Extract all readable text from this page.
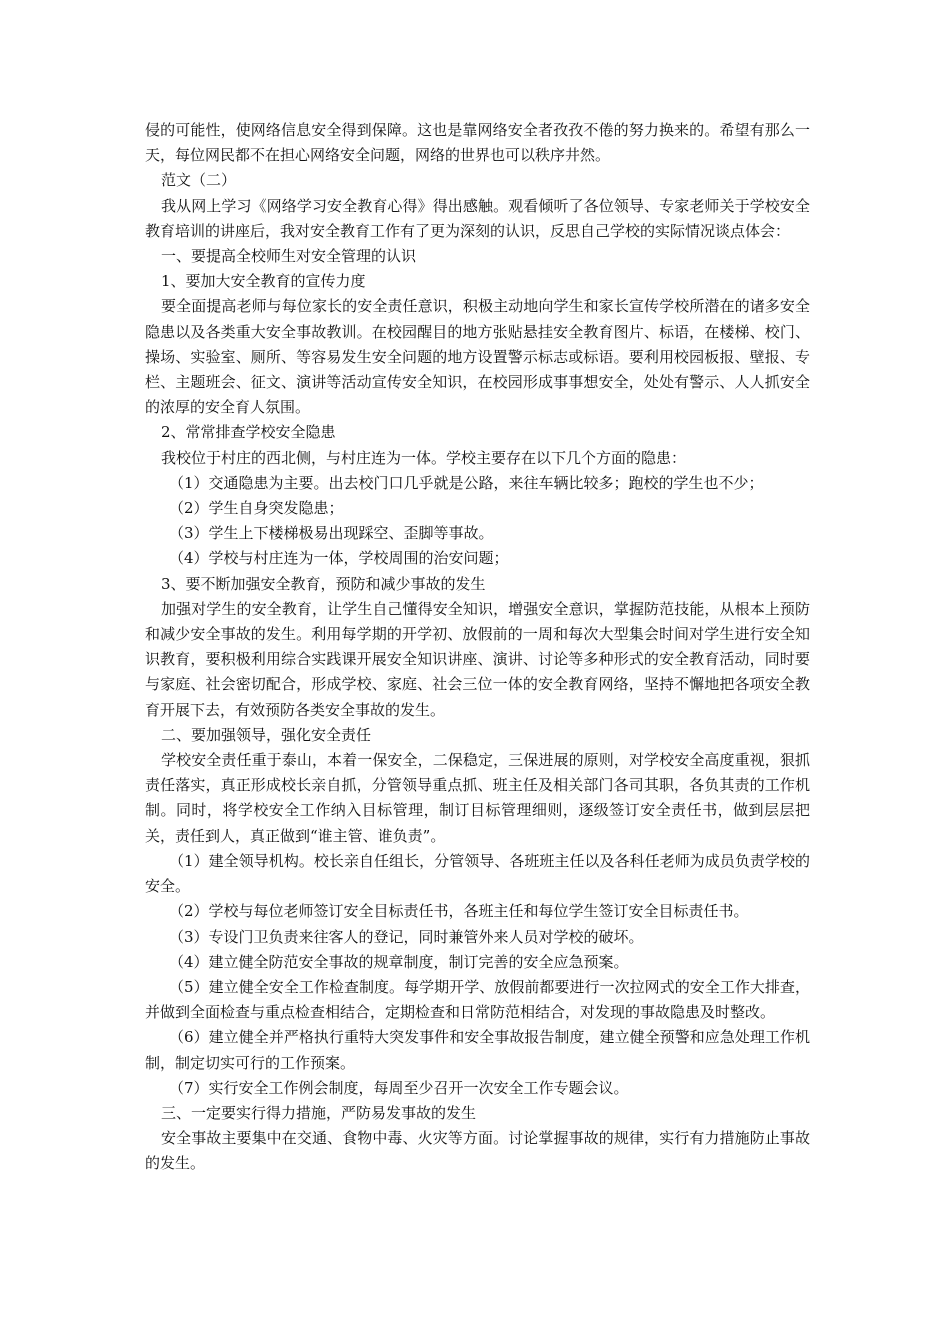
侵的可能性，使网络信息安全得到保障。这也是靠网络安全者孜孜不倦的努力换来的。希望有那么一天，每位网民都不在担心网络安全问题，网络的世界也可以秩序井然。

范文（二）

我从网上学习《网络学习安全教育心得》得出感触。观看倾听了各位领导、专家老师关于学校安全教育培训的讲座后，我对安全教育工作有了更为深刻的认识，反思自己学校的实际情况谈点体会：

一、要提高全校师生对安全管理的认识

1、要加大安全教育的宣传力度

要全面提高老师与每位家长的安全责任意识，积极主动地向学生和家长宣传学校所潜在的诸多安全隐患以及各类重大安全事故教训。在校园醒目的地方张贴悬挂安全教育图片、标语，在楼梯、校门、操场、实验室、厕所、等容易发生安全问题的地方设置警示标志或标语。要利用校园板报、壁报、专栏、主题班会、征文、演讲等活动宣传安全知识，在校园形成事事想安全，处处有警示、人人抓安全的浓厚的安全育人氛围。

2、常常排查学校安全隐患

我校位于村庄的西北侧，与村庄连为一体。学校主要存在以下几个方面的隐患：

（1）交通隐患为主要。出去校门口几乎就是公路，来往车辆比较多；跑校的学生也不少；

（2）学生自身突发隐患；

（3）学生上下楼梯极易出现踩空、歪脚等事故。

（4）学校与村庄连为一体，学校周围的治安问题；

3、要不断加强安全教育，预防和减少事故的发生

加强对学生的安全教育，让学生自己懂得安全知识，增强安全意识，掌握防范技能，从根本上预防和减少安全事故的发生。利用每学期的开学初、放假前的一周和每次大型集会时间对学生进行安全知识教育，要积极利用综合实践课开展安全知识讲座、演讲、讨论等多种形式的安全教育活动，同时要与家庭、社会密切配合，形成学校、家庭、社会三位一体的安全教育网络，坚持不懈地把各项安全教育开展下去，有效预防各类安全事故的发生。

二、要加强领导，强化安全责任

学校安全责任重于泰山，本着一保安全，二保稳定，三保进展的原则，对学校安全高度重视，狠抓责任落实，真正形成校长亲自抓，分管领导重点抓、班主任及相关部门各司其职，各负其责的工作机制。同时，将学校安全工作纳入目标管理，制订目标管理细则，逐级签订安全责任书，做到层层把关，责任到人，真正做到“谁主管、谁负责”。

（1）建全领导机构。校长亲自任组长，分管领导、各班班主任以及各科任老师为成员负责学校的安全。

（2）学校与每位老师签订安全目标责任书，各班主任和每位学生签订安全目标责任书。

（3）专设门卫负责来往客人的登记，同时兼管外来人员对学校的破坏。

（4）建立健全防范安全事故的规章制度，制订完善的安全应急预案。

（5）建立健全安全工作检查制度。每学期开学、放假前都要进行一次拉网式的安全工作大排查，并做到全面检查与重点检查相结合，定期检查和日常防范相结合，对发现的事故隐患及时整改。

（6）建立健全并严格执行重特大突发事件和安全事故报告制度，建立健全预警和应急处理工作机制，制定切实可行的工作预案。

（7）实行安全工作例会制度，每周至少召开一次安全工作专题会议。

三、一定要实行得力措施，严防易发事故的发生

安全事故主要集中在交通、食物中毒、火灾等方面。讨论掌握事故的规律，实行有力措施防止事故的发生。
